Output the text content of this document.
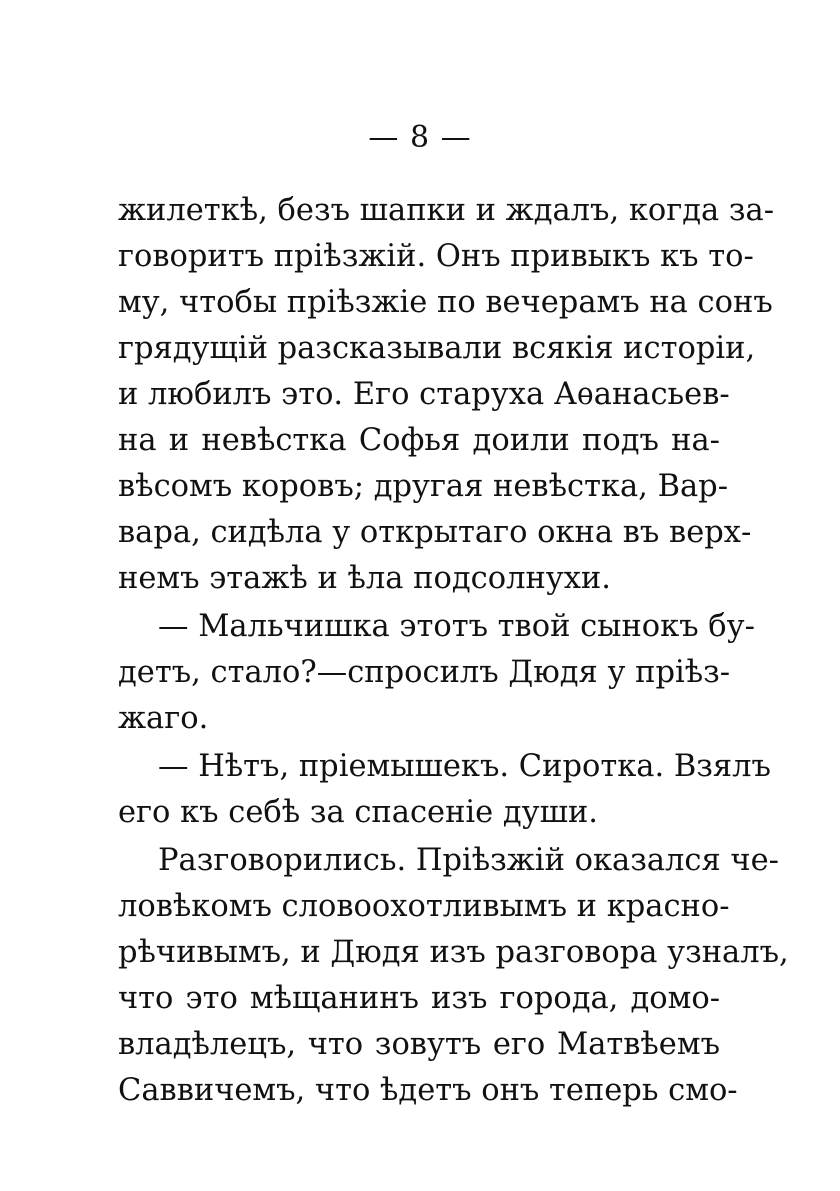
— 8 —
жилеткѣ, безъ шапки и ждалъ, когда за-
говоритъ пріѣзжій. Онъ привыкъ къ то-
му, чтобы пріѣзжіе по вечерамъ на сонъ
грядущій разсказывали всякія исторіи,
и любилъ это. Его старуха Аѳанасьев-
на и невѣстка Софья доили подъ на-
вѣсомъ коровъ; другая невѣстка, Вар-
вара, сидѣла у открытаго окна въ верх-
немъ этажѣ и ѣла подсолнухи.
— Мальчишка этотъ твой сынокъ бу-
детъ, стало?—спросилъ Дюдя у пріѣз-
жаго.
— Нѣтъ, пріемышекъ. Сиротка. Взялъ
его къ себѣ за спасеніе души.
Разговорились. Пріѣзжій оказался че-
ловѣкомъ словоохотливымъ и красно-
рѣчивымъ, и Дюдя изъ разговора узналъ,
что это мѣщанинъ изъ города, домо-
владѣлецъ, что зовутъ его Матвѣемъ
Саввичемъ, что ѣдетъ онъ теперь смо-
